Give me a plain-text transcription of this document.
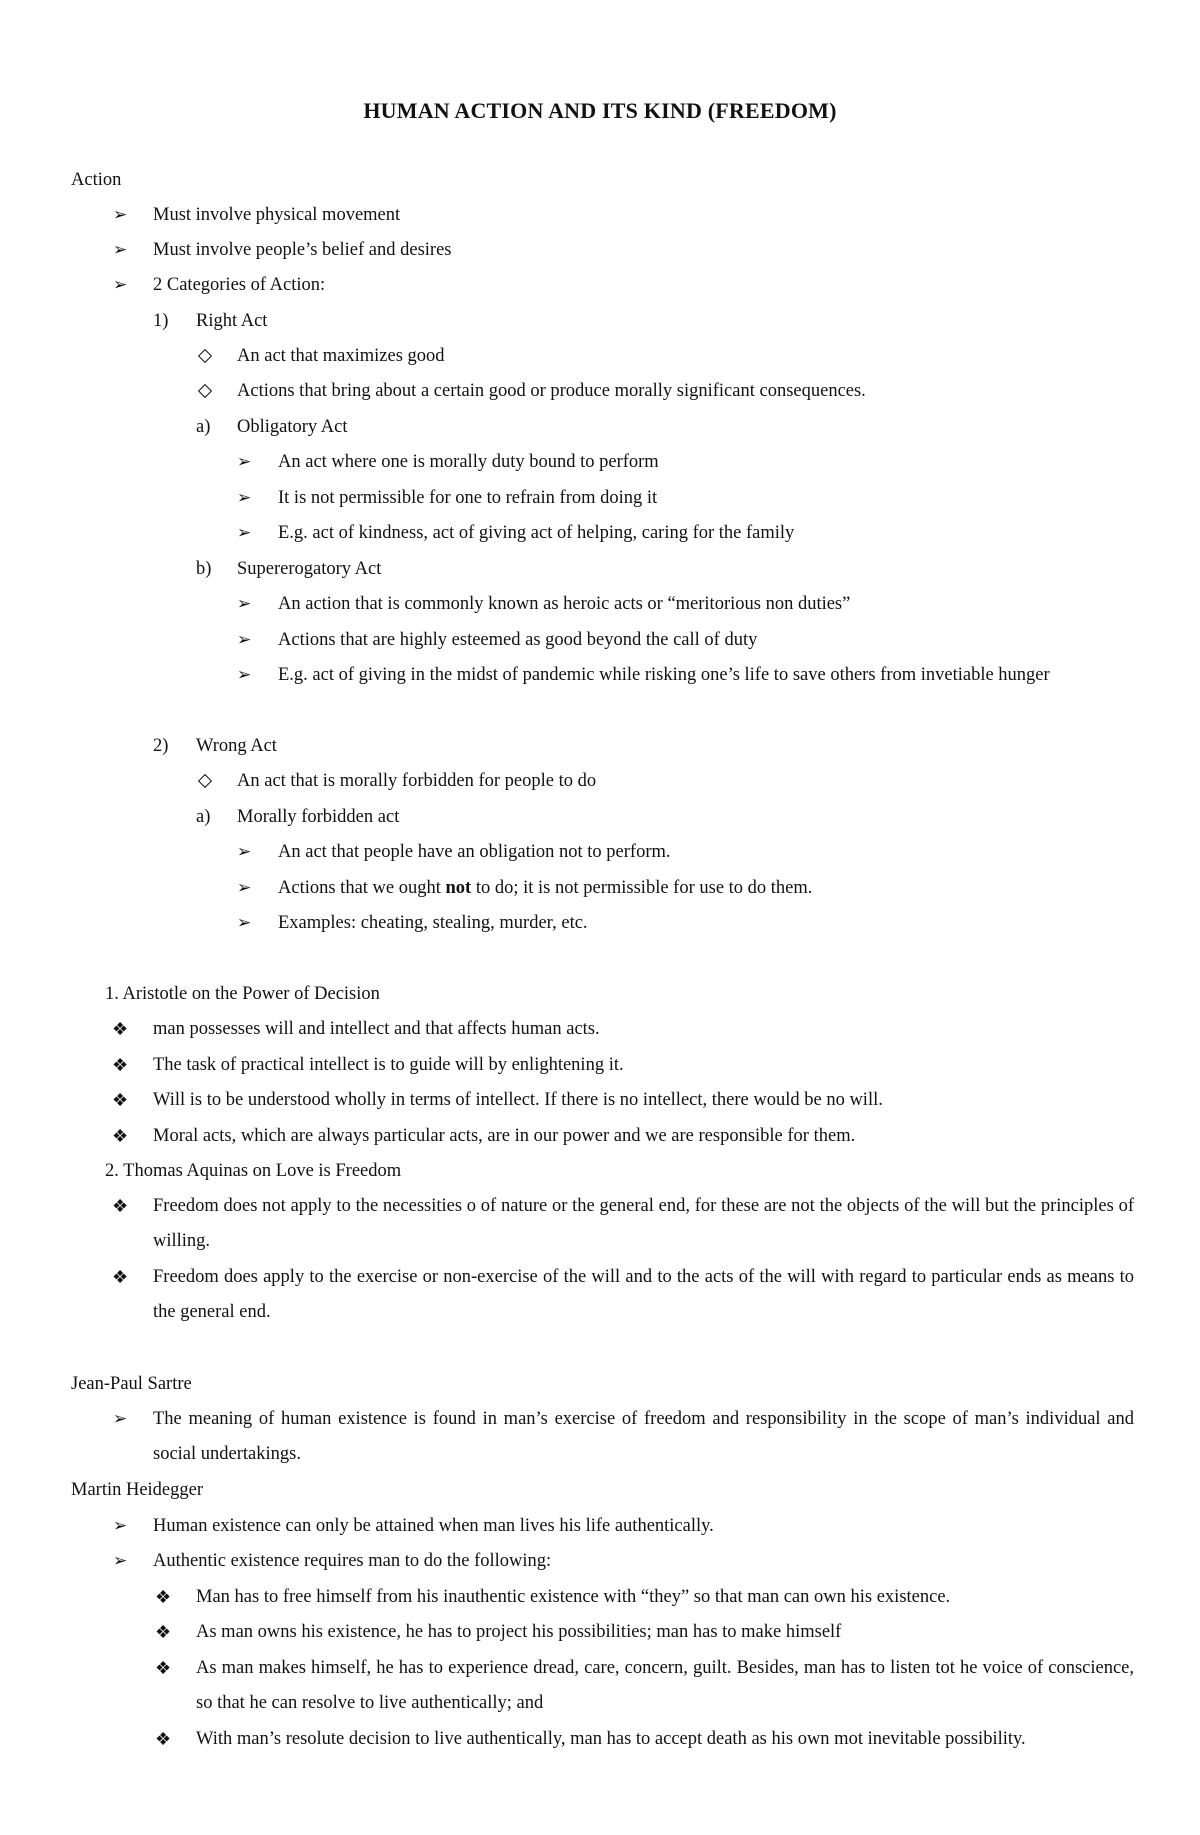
HUMAN ACTION AND ITS KIND (FREEDOM)
Action
➢ Must involve physical movement
➢ Must involve people’s belief and desires
➢ 2 Categories of Action:
1) Right Act
An act that maximizes good
Actions that bring about a certain good or produce morally significant consequences.
a) Obligatory Act
➢ An act where one is morally duty bound to perform
➢ It is not permissible for one to refrain from doing it
➢ E.g. act of kindness, act of giving act of helping, caring for the family
b) Supererogatory Act
➢ An action that is commonly known as heroic acts or “meritorious non duties”
➢ Actions that are highly esteemed as good beyond the call of duty
➢ E.g. act of giving in the midst of pandemic while risking one’s life to save others from invetiable hunger
2) Wrong Act
An act that is morally forbidden for people to do
a) Morally forbidden act
➢ An act that people have an obligation not to perform.
➢ Actions that we ought not to do; it is not permissible for use to do them.
➢ Examples: cheating, stealing, murder, etc.
1. Aristotle on the Power of Decision
❖ man possesses will and intellect and that affects human acts.
❖ The task of practical intellect is to guide will by enlightening it.
❖ Will is to be understood wholly in terms of intellect. If there is no intellect, there would be no will.
❖ Moral acts, which are always particular acts, are in our power and we are responsible for them.
2. Thomas Aquinas on Love is Freedom
❖ Freedom does not apply to the necessities o of nature or the general end, for these are not the objects of the will but the principles of willing.
❖ Freedom does apply to the exercise or non-exercise of the will and to the acts of the will with regard to particular ends as means to the general end.
Jean-Paul Sartre
➢ The meaning of human existence is found in man’s exercise of freedom and responsibility in the scope of man’s individual and social undertakings.
Martin Heidegger
➢ Human existence can only be attained when man lives his life authentically.
➢ Authentic existence requires man to do the following:
❖ Man has to free himself from his inauthentic existence with “they” so that man can own his existence.
❖ As man owns his existence, he has to project his possibilities; man has to make himself
❖ As man makes himself, he has to experience dread, care, concern, guilt. Besides, man has to listen tot he voice of conscience, so that he can resolve to live authentically; and
❖ With man’s resolute decision to live authentically, man has to accept death as his own mot inevitable possibility.
